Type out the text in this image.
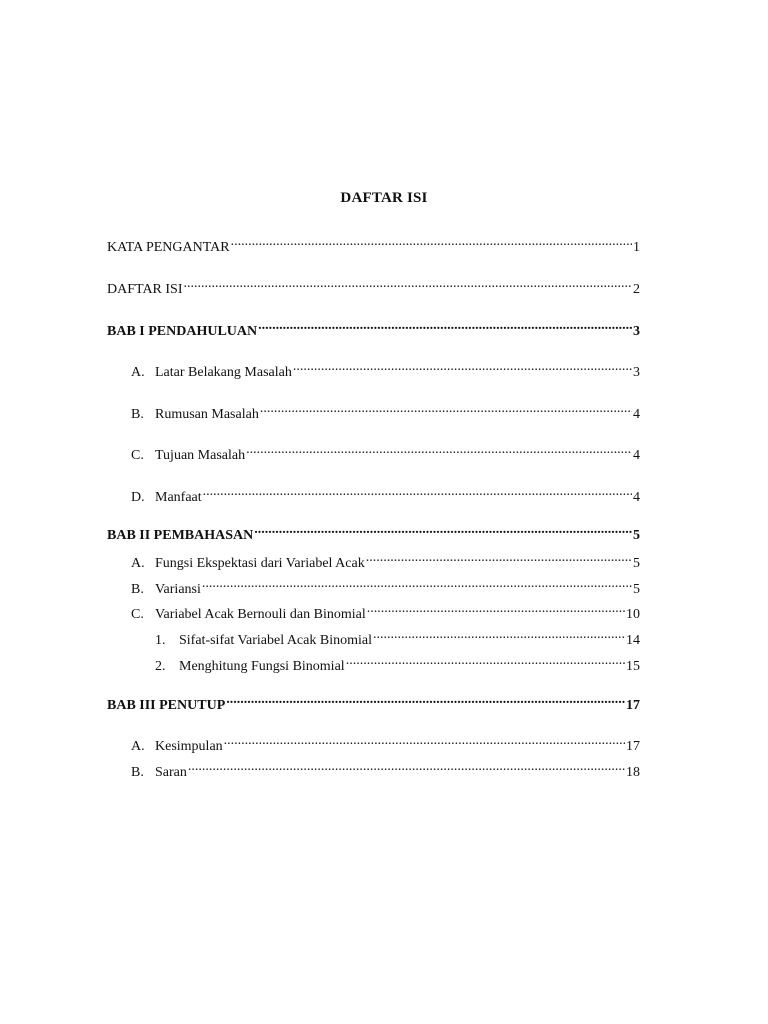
DAFTAR ISI
KATA PENGANTAR .....	1
DAFTAR ISI .....	2
BAB I PENDAHULUAN .....	3
A. Latar Belakang Masalah .....	3
B. Rumusan Masalah .....	4
C. Tujuan Masalah .....	4
D. Manfaat .....	4
BAB II PEMBAHASAN .....	5
A. Fungsi Ekspektasi dari Variabel Acak .....	5
B. Variansi .....	5
C. Variabel Acak Bernouli dan Binomial .....	10
1. Sifat-sifat Variabel Acak Binomial .....	14
2. Menghitung Fungsi Binomial .....	15
BAB III PENUTUP .....	17
A. Kesimpulan .....	17
B. Saran .....	18
